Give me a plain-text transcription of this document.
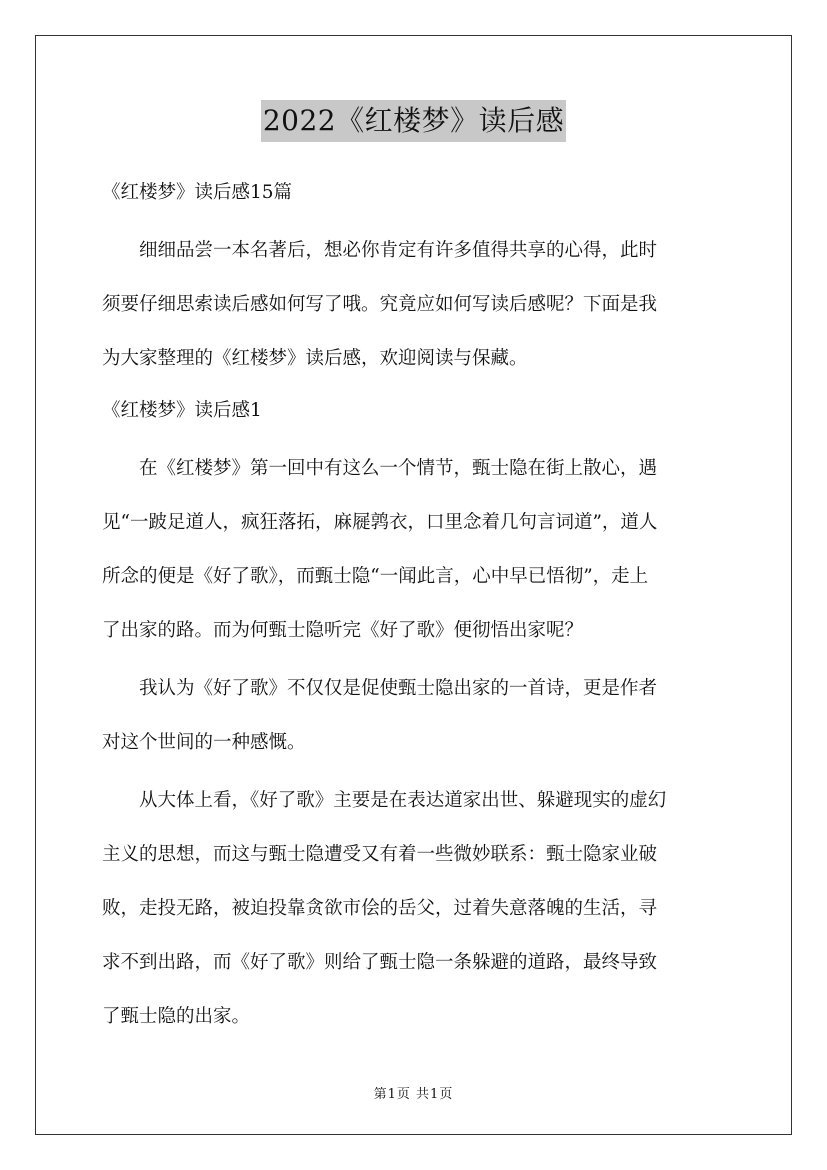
2022《红楼梦》读后感

《红楼梦》读后感15篇

细细品尝一本名著后，想必你肯定有许多值得共享的心得，此时

须要仔细思索读后感如何写了哦。究竟应如何写读后感呢？下面是我

为大家整理的《红楼梦》读后感，欢迎阅读与保藏。

《红楼梦》读后感1

在《红楼梦》第一回中有这么一个情节，甄士隐在街上散心，遇

见“一跛足道人，疯狂落拓，麻屣鹑衣，口里念着几句言词道”，道人

所念的便是《好了歌》，而甄士隐“一闻此言，心中早已悟彻”，走上

了出家的路。而为何甄士隐听完《好了歌》便彻悟出家呢？

我认为《好了歌》不仅仅是促使甄士隐出家的一首诗，更是作者

对这个世间的一种感慨。

从大体上看，《好了歌》主要是在表达道家出世、躲避现实的虚幻

主义的思想，而这与甄士隐遭受又有着一些微妙联系：甄士隐家业破

败，走投无路，被迫投靠贪欲市侩的岳父，过着失意落魄的生活，寻

求不到出路，而《好了歌》则给了甄士隐一条躲避的道路，最终导致

了甄士隐的出家。

第1页 共1页
